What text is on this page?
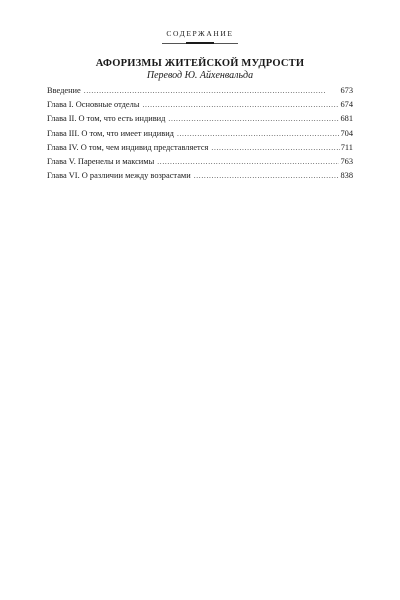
СОДЕРЖАНИЕ
АФОРИЗМЫ ЖИТЕЙСКОЙ МУДРОСТИ
Перевод Ю. Айхенвальда
Введение . . .	673
Глава I. Основные отделы . . .	674
Глава II. О том, что есть индивид . . .	681
Глава III. О том, что имеет индивид . . .	704
Глава IV. О том, чем индивид представляется . . .	711
Глава V. Паренелы и максимы . . .	763
Глава VI. О различии между возрастами . . .	838
